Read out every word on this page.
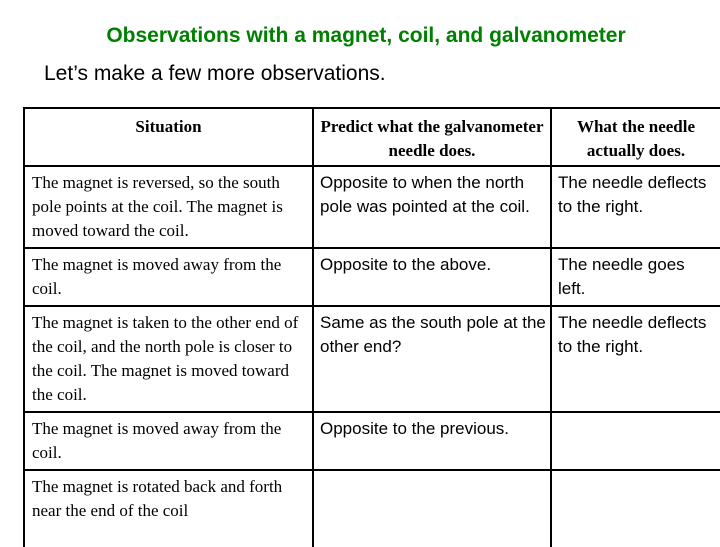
Observations with a magnet, coil, and galvanometer
Let’s make a few more observations.
Situation	Predict what the galvanometer needle does.	What the needle actually does.

The magnet is reversed, so the south pole points at the coil. The magnet is moved toward the coil.	Opposite to when the north pole was pointed at the coil.	The needle deflects to the right.

The magnet is moved away from the coil.	Opposite to the above.	The needle goes left.

The magnet is taken to the other end of the coil, and the north pole is closer to the coil. The magnet is moved toward the coil.	Same as the south pole at the other end?	The needle deflects to the right.

The magnet is moved away from the coil.	Opposite to the previous.	

The magnet is rotated back and forth near the end of the coil		
